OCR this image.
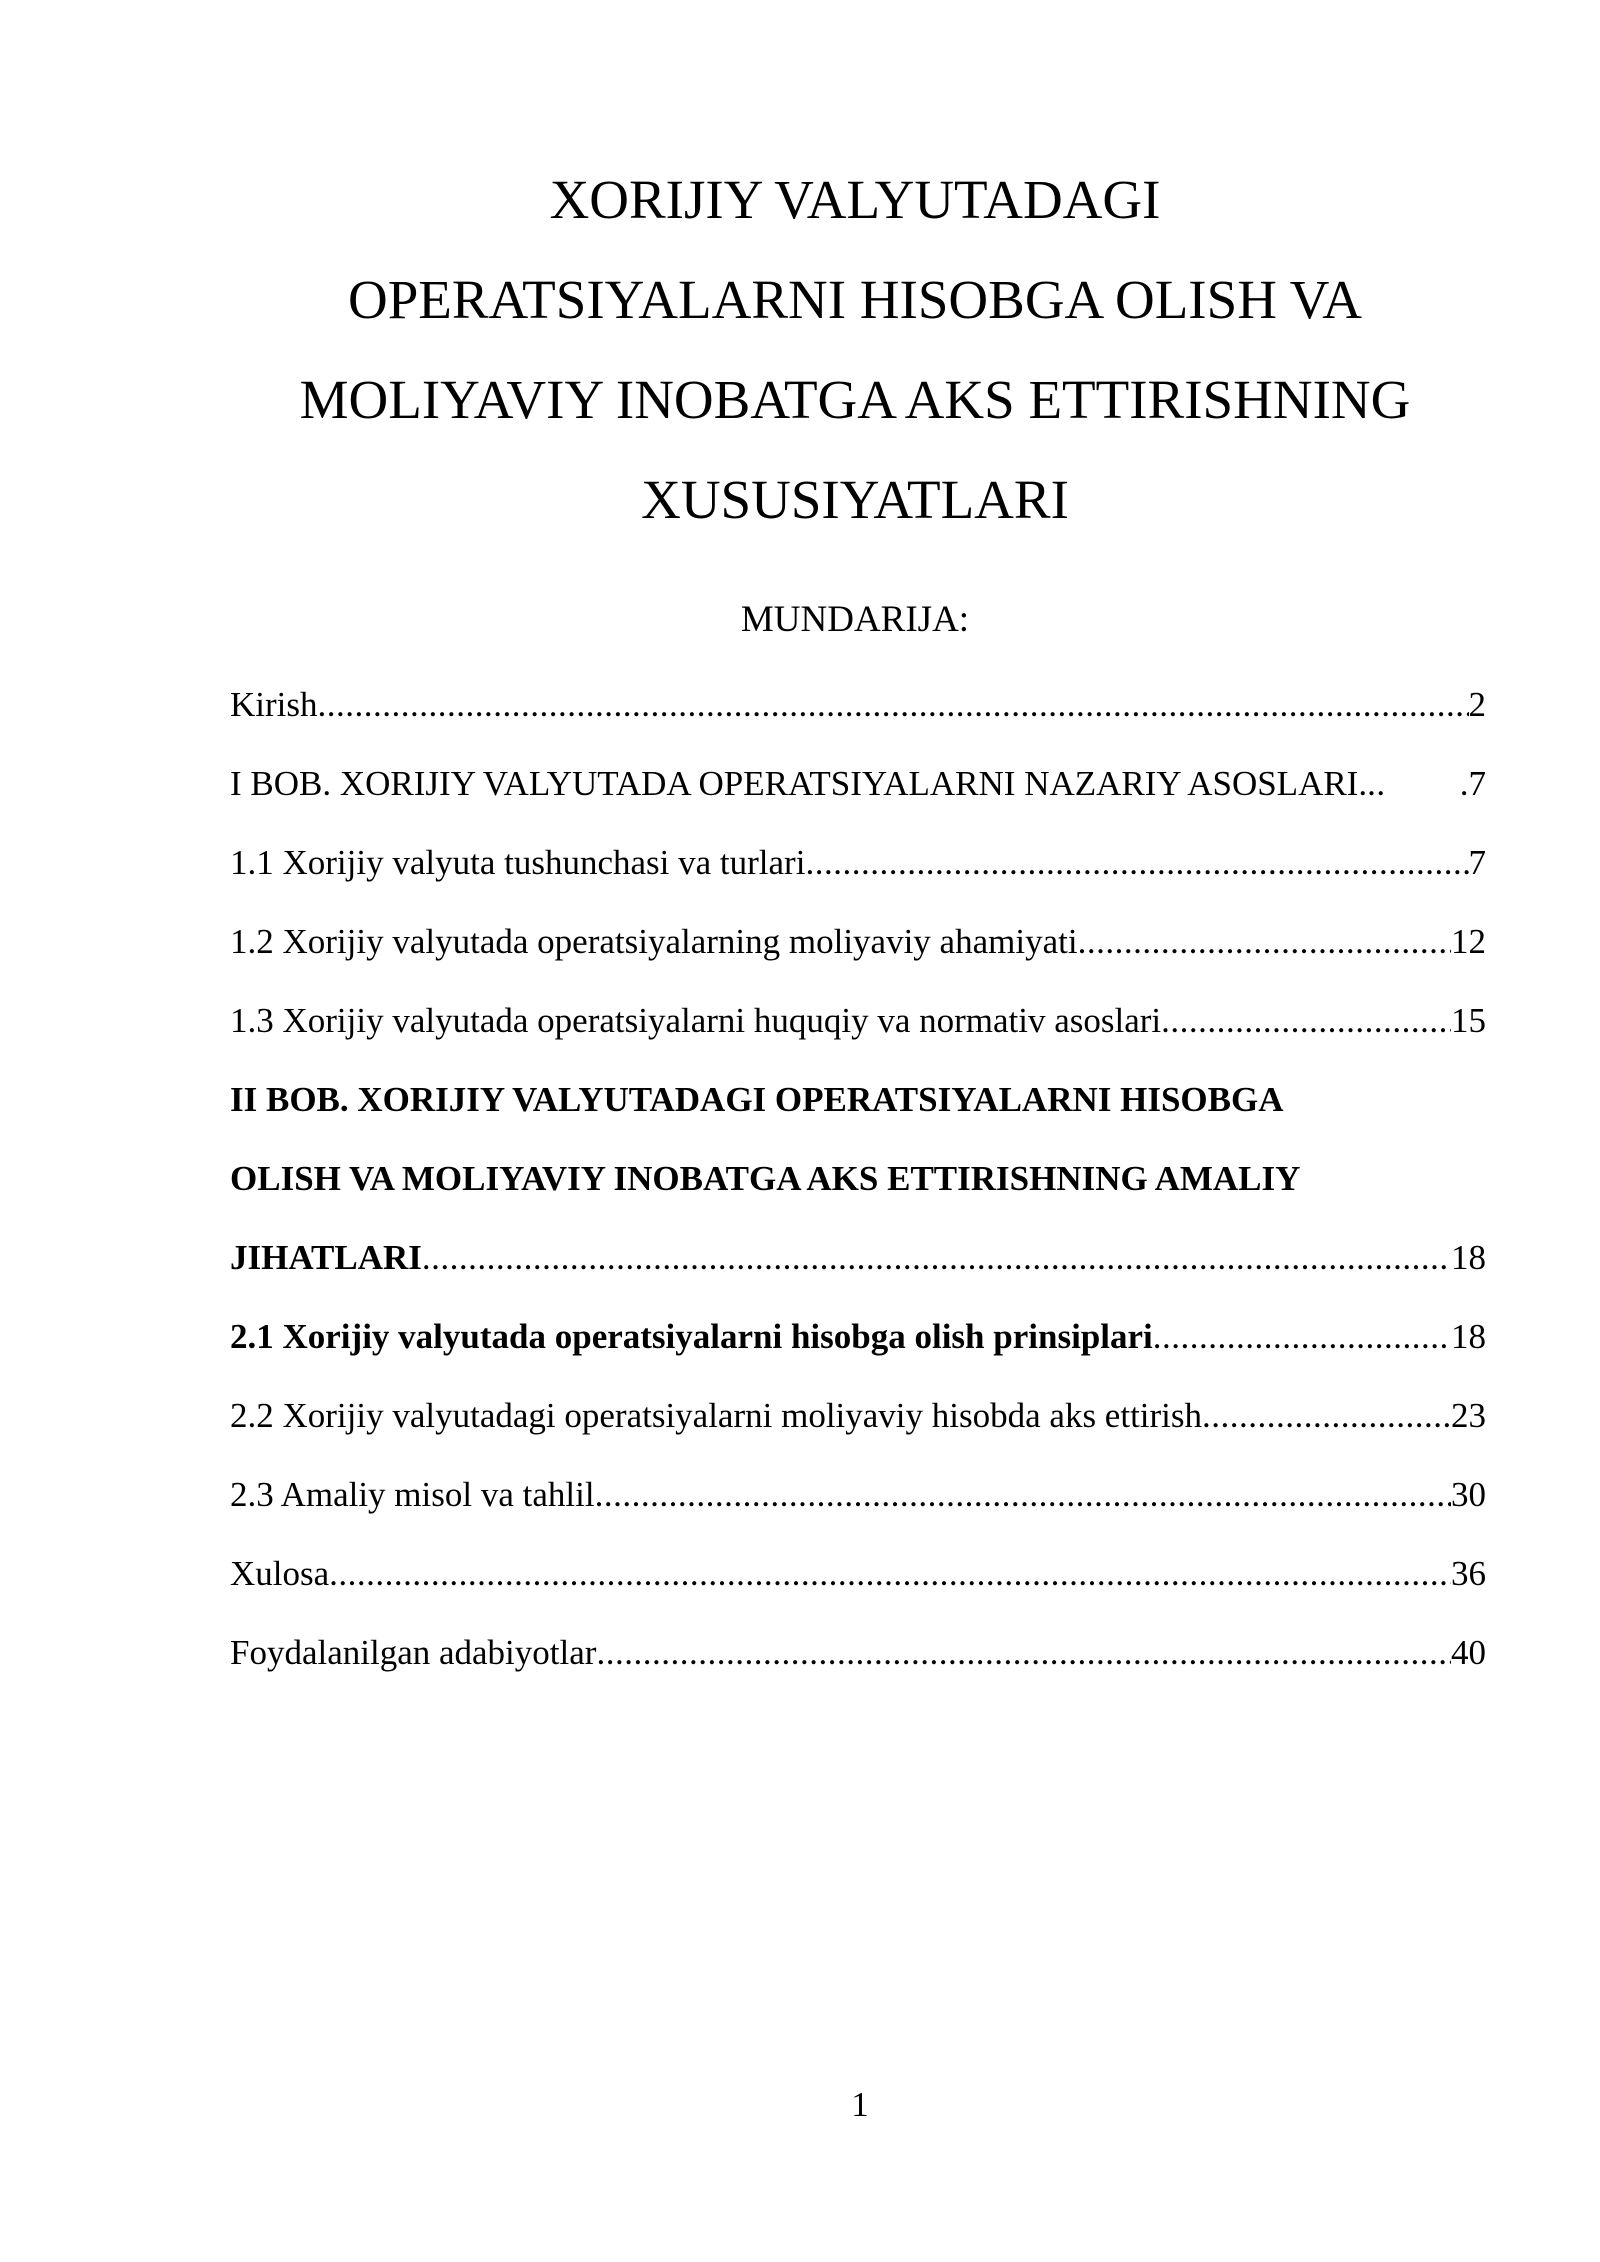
XORIJIY VALYUTADAGI
OPERATSIYALARNI HISOBGA OLISH VA
MOLIYAVIY INOBATGA AKS ETTIRISHNING
XUSUSIYATLARI
MUNDARIJA:
Kirish .....	2
I BOB. XORIJIY VALYUTADA OPERATSIYALARNI NAZARIY ASOSLARI. ..	.7
1.1 Xorijiy valyuta tushunchasi va turlari .....	7
1.2 Xorijiy valyutada operatsiyalarning moliyaviy ahamiyati .....	12
1.3 Xorijiy valyutada operatsiyalarni huquqiy va normativ asoslari .....	15
II BOB. XORIJIY VALYUTADAGI OPERATSIYALARNI HISOBGA
OLISH VA MOLIYAVIY INOBATGA AKS ETTIRISHNING AMALIY
JIHATLARI .....	18
2.1 Xorijiy valyutada operatsiyalarni hisobga olish prinsiplari .....	18
2.2 Xorijiy valyutadagi operatsiyalarni moliyaviy hisobda aks ettirish .....	23
2.3 Amaliy misol va tahlil .....	30
Xulosa .....	36
Foydalanilgan adabiyotlar .....	40
1
